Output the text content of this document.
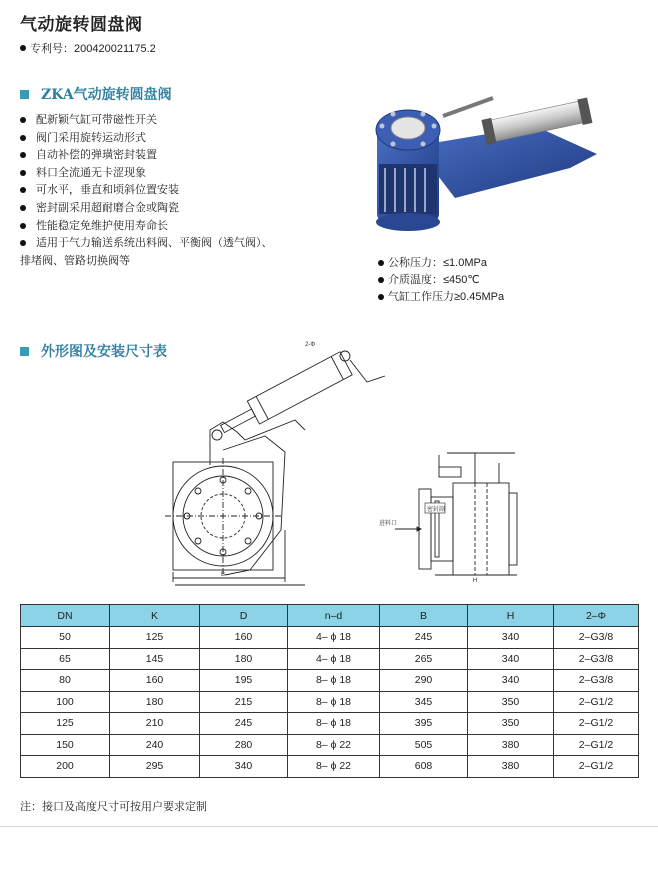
气动旋转圆盘阀
专利号：200420021175.2
ZKA气动旋转圆盘阀
配新颖气缸可带磁性开关
阀门采用旋转运动形式
自动补偿的弹璜密封装置
料口全流通无卡涩现象
可水平，垂直和顷斜位置安装
密封副采用超耐磨合金或陶瓷
性能稳定免维护使用寿命长
适用于气力输送系统出料阀、平衡阀（透气阀）、
排堵阀、管路切换阀等	公称压力：≤1.0MPa
介质温度：≤450℃
气缸工作压力≥0.45MPa
外形图及安装尺寸表
B
2-Φ
进料口
密封副
H
DN	K	D	n–d	B	H	2–Φ
50	125	160	4– ϕ 18	245	340	2–G3/8
65	145	180	4– ϕ 18	265	340	2–G3/8
80	160	195	8– ϕ 18	290	340	2–G3/8
100	180	215	8– ϕ 18	345	350	2–G1/2
125	210	245	8– ϕ 18	395	350	2–G1/2
150	240	280	8– ϕ 22	505	380	2–G1/2
200	295	340	8– ϕ 22	608	380	2–G1/2
注：接口及高度尺寸可按用户要求定制
